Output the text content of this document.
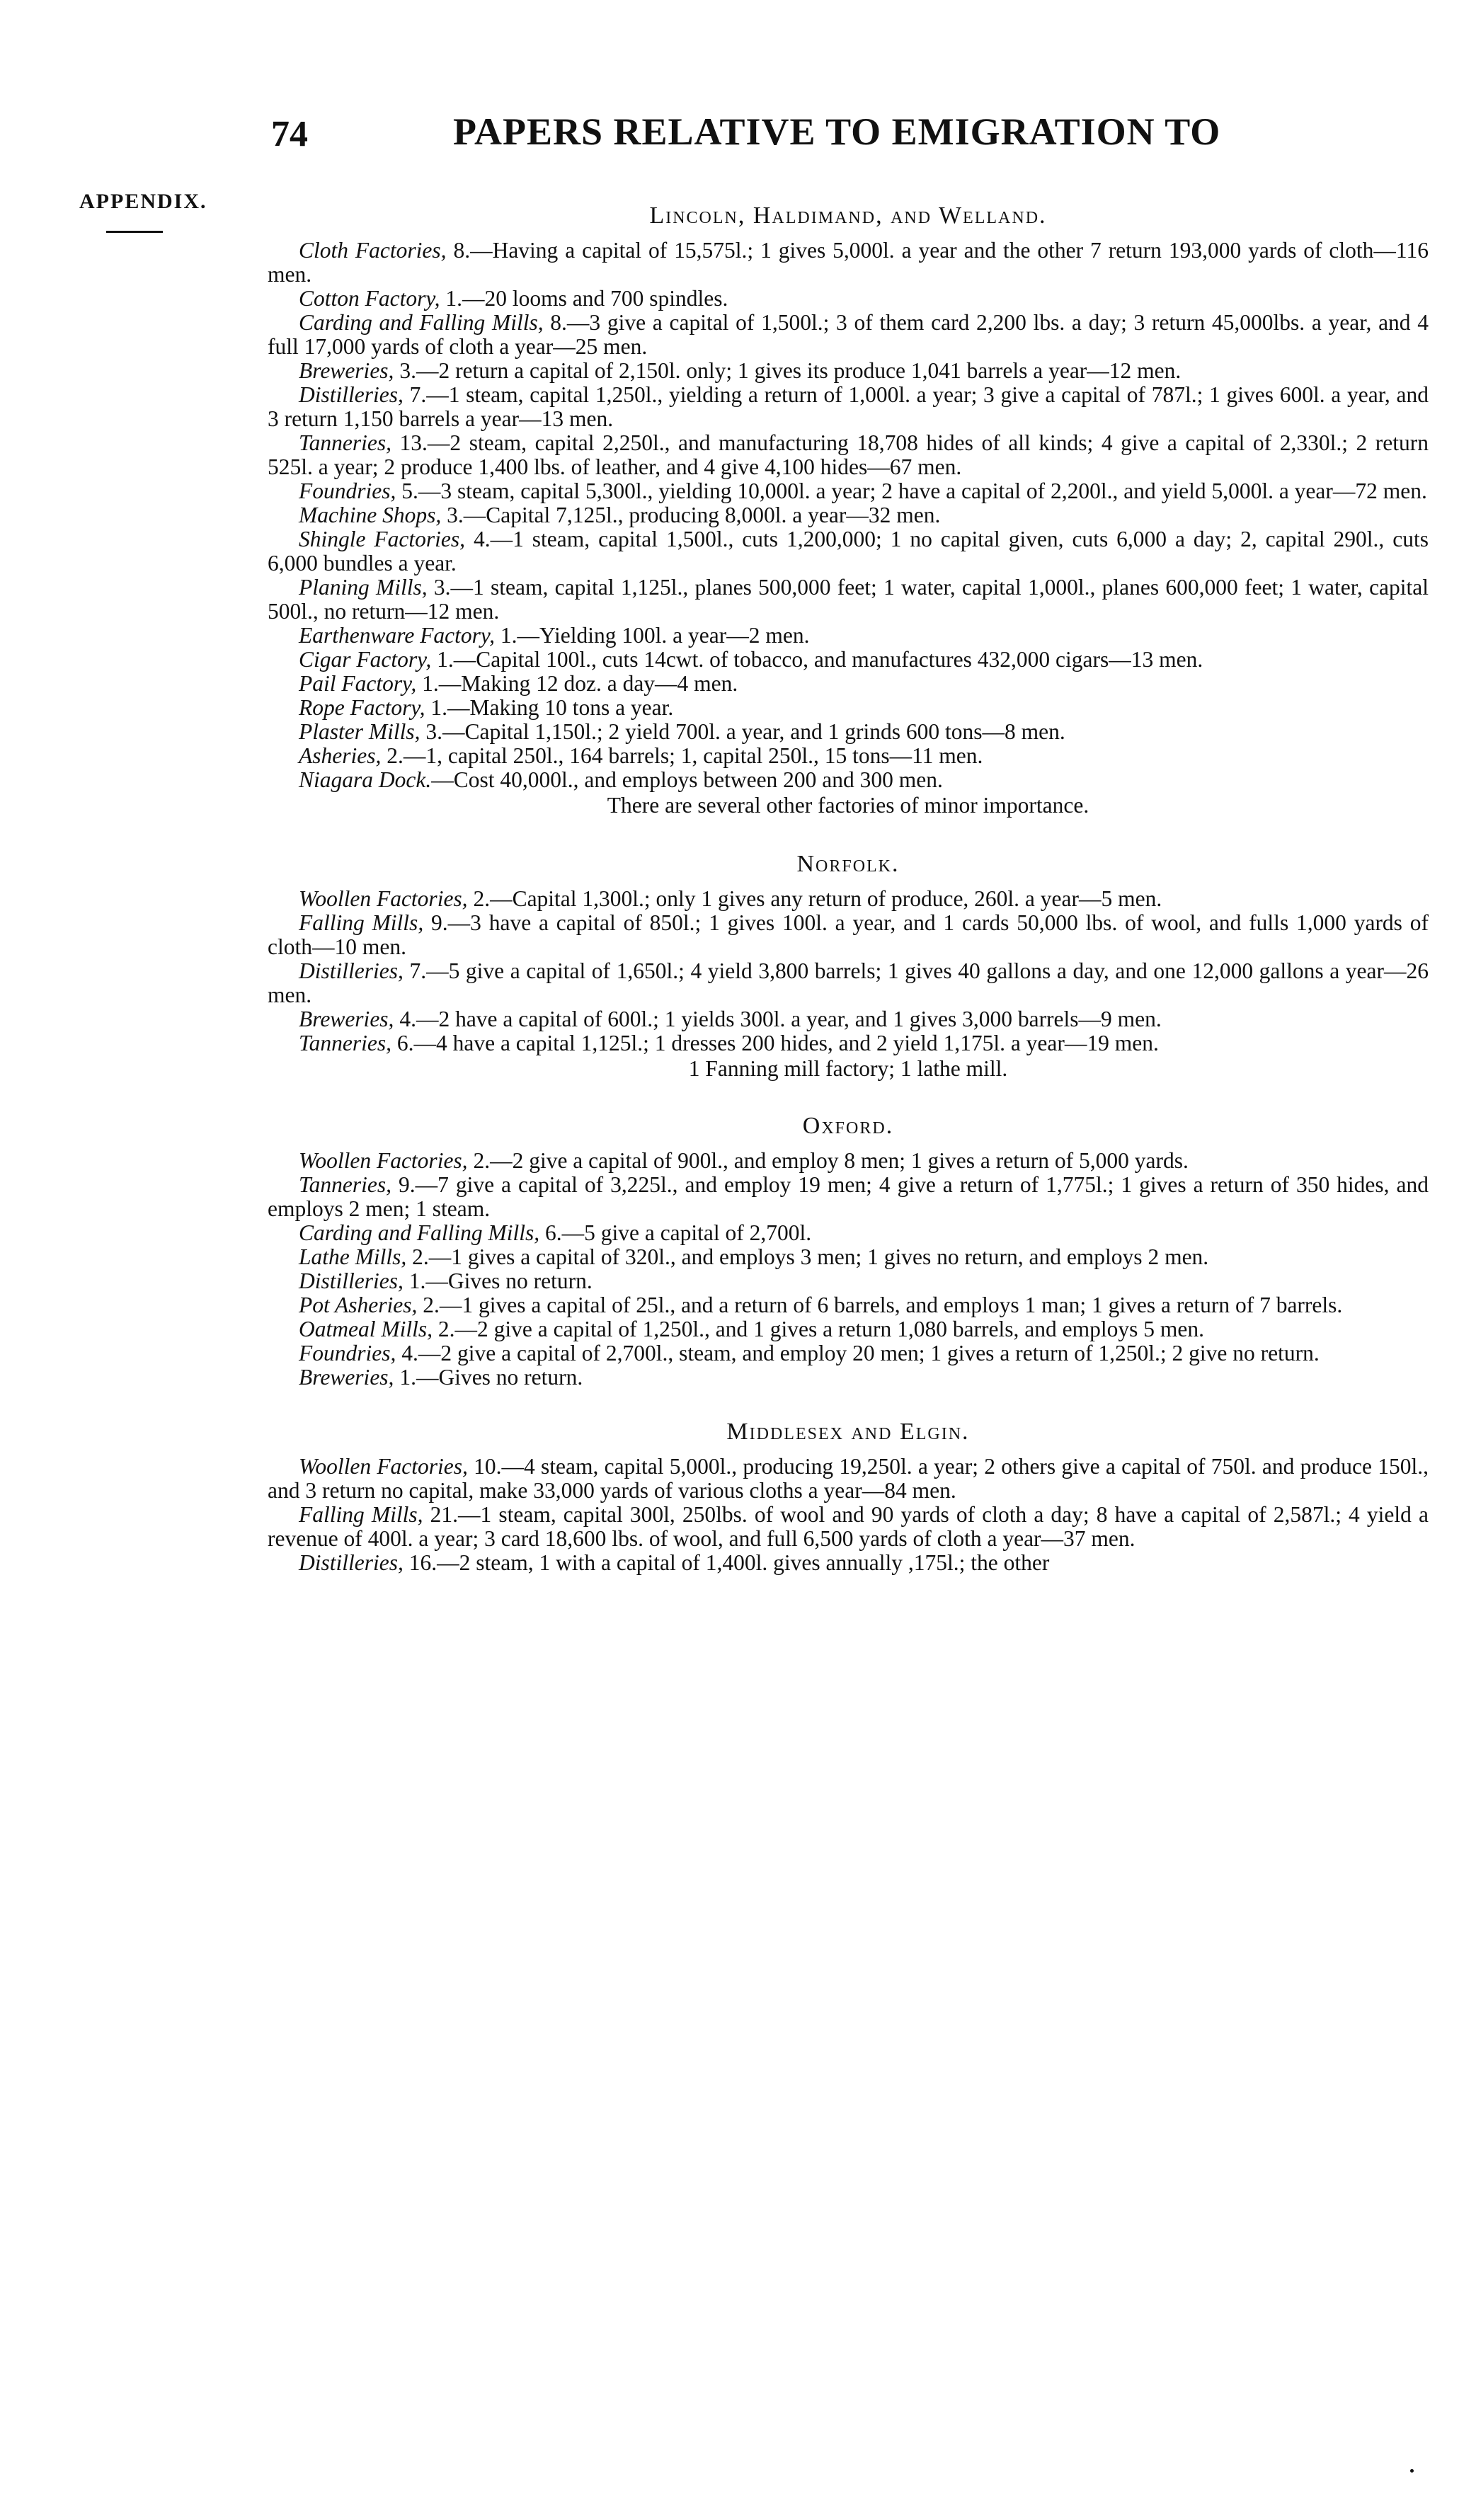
74	PAPERS RELATIVE TO EMIGRATION TO
APPENDIX.

Lincoln, Haldimand, and Welland.

Cloth Factories, 8.—Having a capital of 15,575l.; 1 gives 5,000l. a year and the other 7 return 193,000 yards of cloth—116 men.

Cotton Factory, 1.—20 looms and 700 spindles.

Carding and Falling Mills, 8.—3 give a capital of 1,500l.; 3 of them card 2,200 lbs. a day; 3 return 45,000lbs. a year, and 4 full 17,000 yards of cloth a year—25 men.

Breweries, 3.—2 return a capital of 2,150l. only; 1 gives its produce 1,041 barrels a year—12 men.

Distilleries, 7.—1 steam, capital 1,250l., yielding a return of 1,000l. a year; 3 give a capital of 787l.; 1 gives 600l. a year, and 3 return 1,150 barrels a year—13 men.

Tanneries, 13.—2 steam, capital 2,250l., and manufacturing 18,708 hides of all kinds; 4 give a capital of 2,330l.; 2 return 525l. a year; 2 produce 1,400 lbs. of leather, and 4 give 4,100 hides—67 men.

Foundries, 5.—3 steam, capital 5,300l., yielding 10,000l. a year; 2 have a capital of 2,200l., and yield 5,000l. a year—72 men.

Machine Shops, 3.—Capital 7,125l., producing 8,000l. a year—32 men.

Shingle Factories, 4.—1 steam, capital 1,500l., cuts 1,200,000; 1 no capital given, cuts 6,000 a day; 2, capital 290l., cuts 6,000 bundles a year.

Planing Mills, 3.—1 steam, capital 1,125l., planes 500,000 feet; 1 water, capital 1,000l., planes 600,000 feet; 1 water, capital 500l., no return—12 men.

Earthenware Factory, 1.—Yielding 100l. a year—2 men.

Cigar Factory, 1.—Capital 100l., cuts 14cwt. of tobacco, and manufactures 432,000 cigars—13 men.

Pail Factory, 1.—Making 12 doz. a day—4 men.

Rope Factory, 1.—Making 10 tons a year.

Plaster Mills, 3.—Capital 1,150l.; 2 yield 700l. a year, and 1 grinds 600 tons—8 men.

Asheries, 2.—1, capital 250l., 164 barrels; 1, capital 250l., 15 tons—11 men.

Niagara Dock.—Cost 40,000l., and employs between 200 and 300 men.

There are several other factories of minor importance.

Norfolk.

Woollen Factories, 2.—Capital 1,300l.; only 1 gives any return of produce, 260l. a year—5 men.

Falling Mills, 9.—3 have a capital of 850l.; 1 gives 100l. a year, and 1 cards 50,000 lbs. of wool, and fulls 1,000 yards of cloth—10 men.

Distilleries, 7.—5 give a capital of 1,650l.; 4 yield 3,800 barrels; 1 gives 40 gallons a day, and one 12,000 gallons a year—26 men.

Breweries, 4.—2 have a capital of 600l.; 1 yields 300l. a year, and 1 gives 3,000 barrels—9 men.

Tanneries, 6.—4 have a capital 1,125l.; 1 dresses 200 hides, and 2 yield 1,175l. a year—19 men.

1 Fanning mill factory; 1 lathe mill.

Oxford.

Woollen Factories, 2.—2 give a capital of 900l., and employ 8 men; 1 gives a return of 5,000 yards.

Tanneries, 9.—7 give a capital of 3,225l., and employ 19 men; 4 give a return of 1,775l.; 1 gives a return of 350 hides, and employs 2 men; 1 steam.

Carding and Falling Mills, 6.—5 give a capital of 2,700l.

Lathe Mills, 2.—1 gives a capital of 320l., and employs 3 men; 1 gives no return, and employs 2 men.

Distilleries, 1.—Gives no return.

Pot Asheries, 2.—1 gives a capital of 25l., and a return of 6 barrels, and employs 1 man; 1 gives a return of 7 barrels.

Oatmeal Mills, 2.—2 give a capital of 1,250l., and 1 gives a return 1,080 barrels, and employs 5 men.

Foundries, 4.—2 give a capital of 2,700l., steam, and employ 20 men; 1 gives a return of 1,250l.; 2 give no return.

Breweries, 1.—Gives no return.

Middlesex and Elgin.

Woollen Factories, 10.—4 steam, capital 5,000l., producing 19,250l. a year; 2 others give a capital of 750l. and produce 150l., and 3 return no capital, make 33,000 yards of various cloths a year—84 men.

Falling Mills, 21.—1 steam, capital 300l, 250lbs. of wool and 90 yards of cloth a day; 8 have a capital of 2,587l.; 4 yield a revenue of 400l. a year; 3 card 18,600 lbs. of wool, and full 6,500 yards of cloth a year—37 men.

Distilleries, 16.—2 steam, 1 with a capital of 1,400l. gives annually ,175l.; the other
